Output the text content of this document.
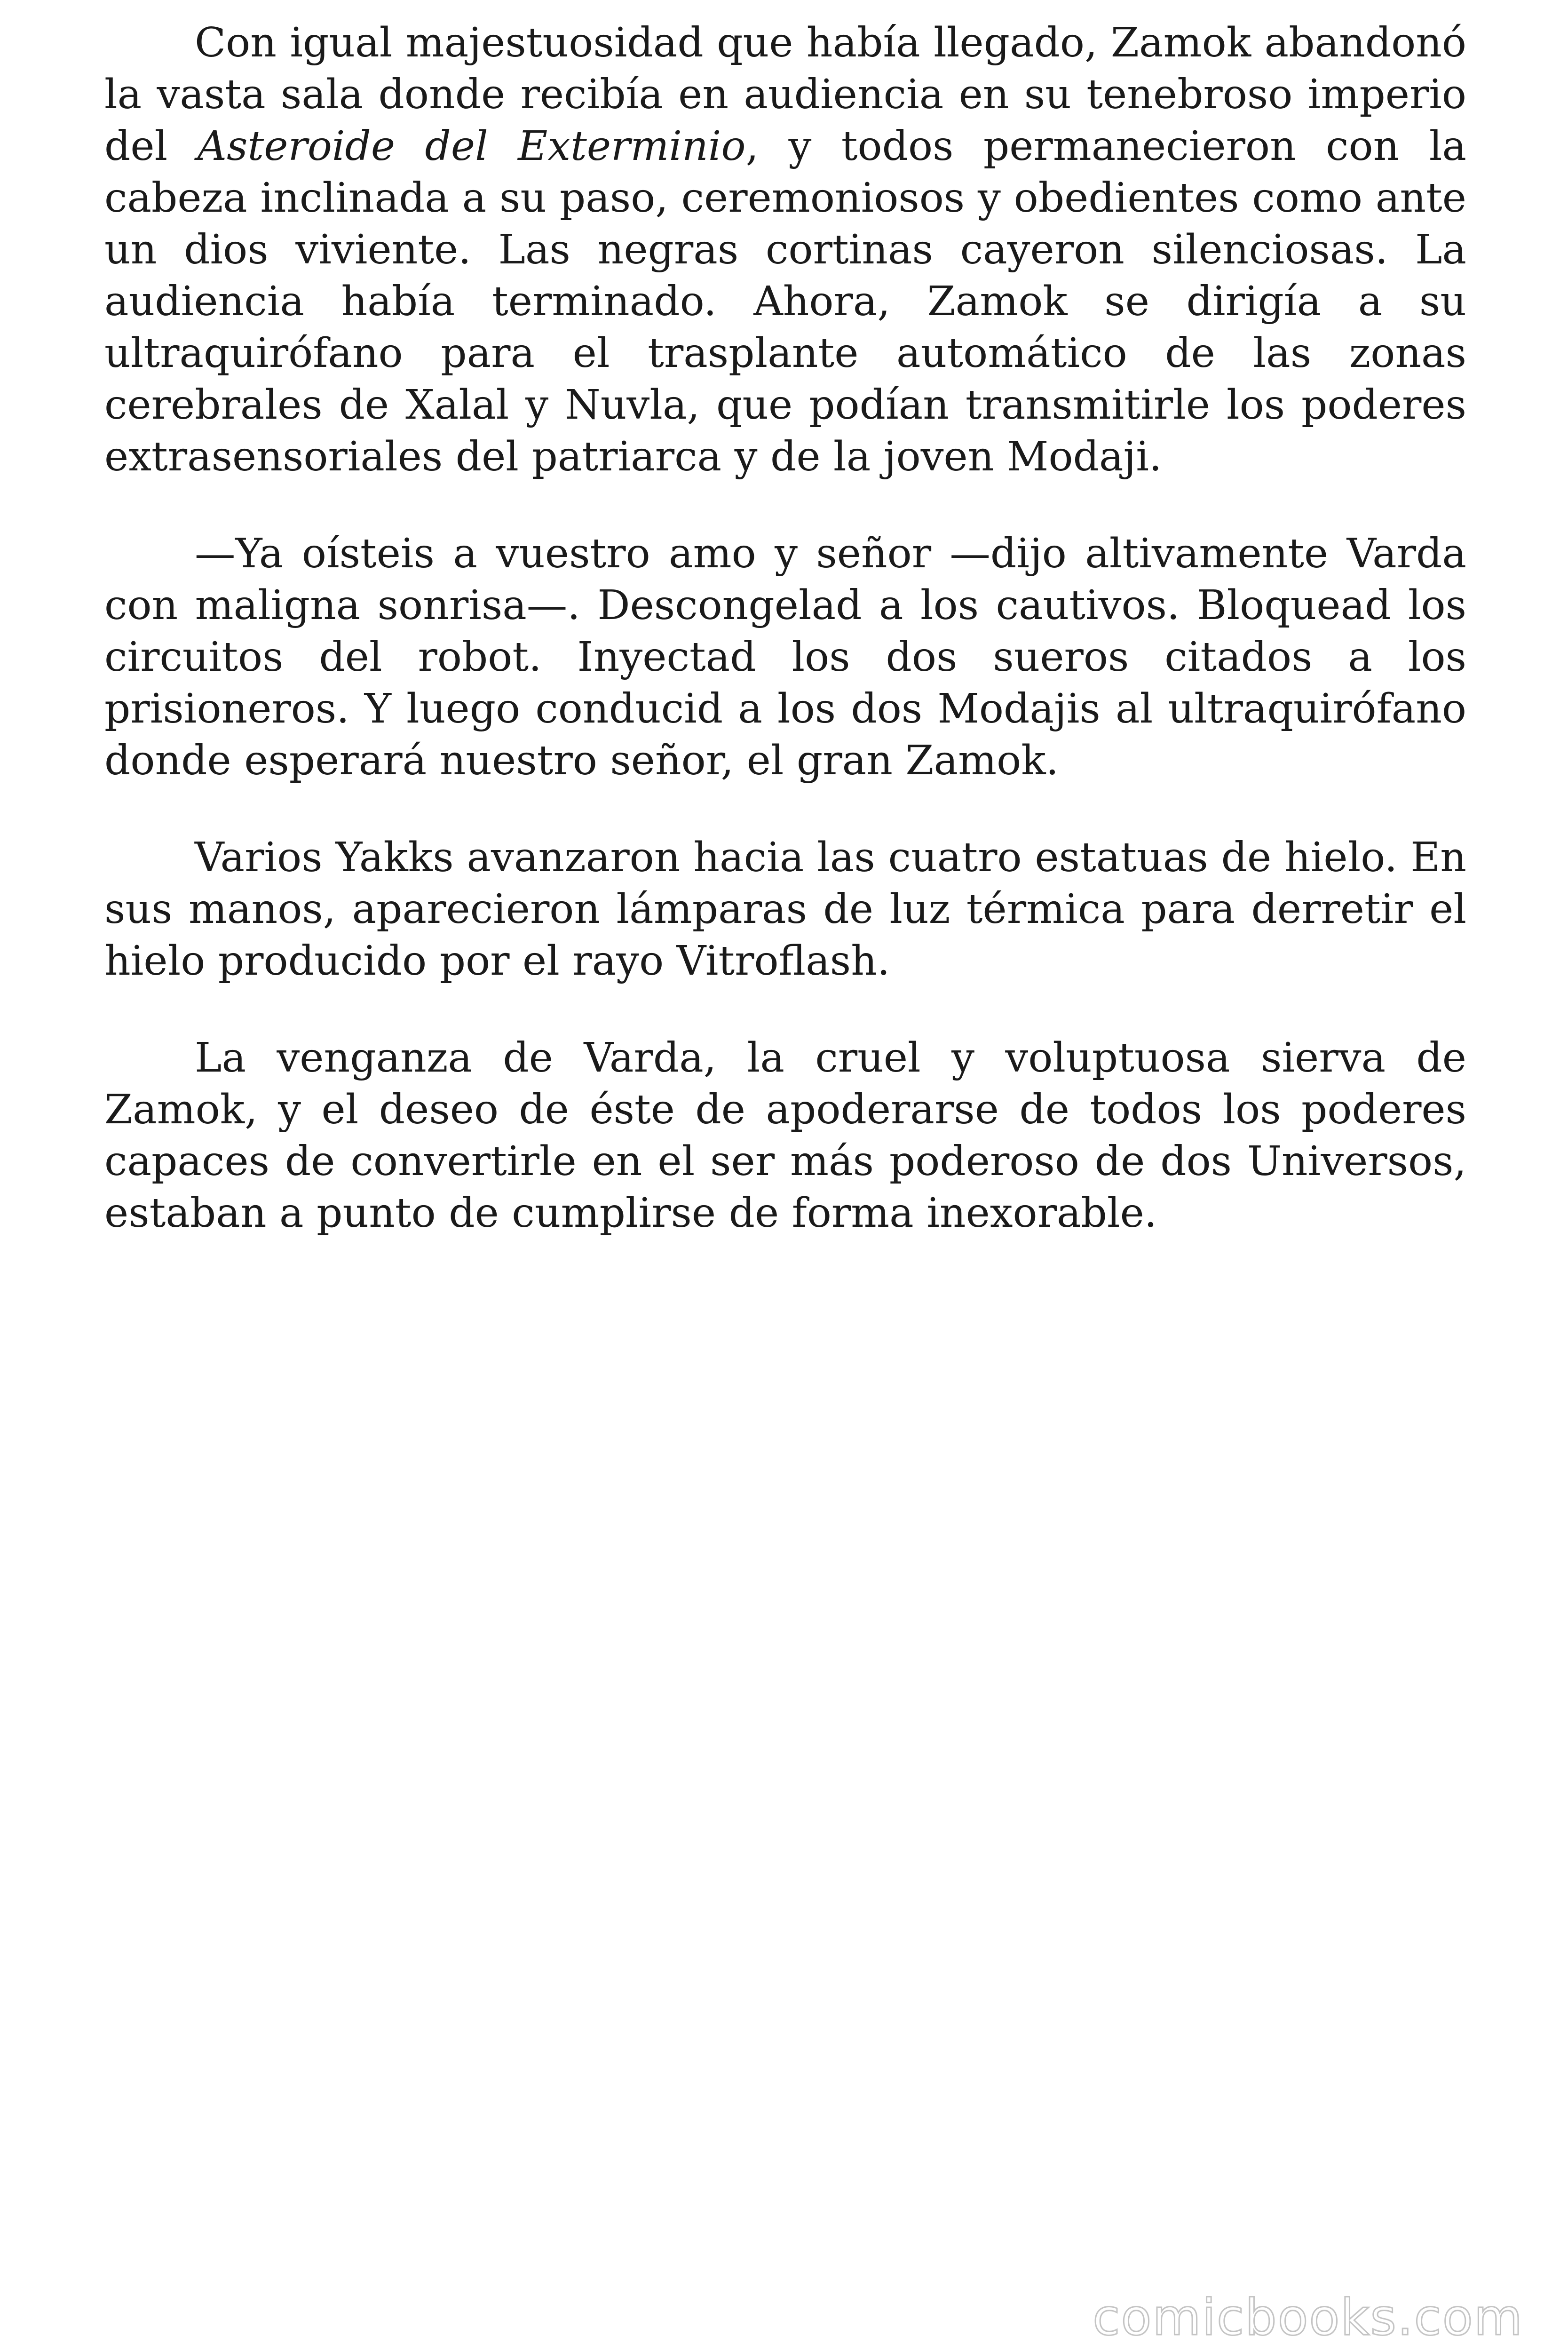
Con igual majestuosidad que había llegado, Zamok abandonó la vasta sala donde recibía en audiencia en su tenebroso imperio del Asteroide del Exterminio, y todos permanecieron con la cabeza inclinada a su paso, ceremoniosos y obedientes como ante un dios viviente. Las negras cortinas cayeron silenciosas. La audiencia había terminado. Ahora, Zamok se dirigía a su ultraquirófano para el trasplante automático de las zonas cerebrales de Xalal y Nuvla, que podían transmitirle los poderes extrasensoriales del patriarca y de la joven Modaji.

—Ya oísteis a vuestro amo y señor —dijo altivamente Varda con maligna sonrisa—. Descongelad a los cautivos. Bloquead los circuitos del robot. Inyectad los dos sueros citados a los prisioneros. Y luego conducid a los dos Modajis al ultraquirófano donde esperará nuestro señor, el gran Zamok.

Varios Yakks avanzaron hacia las cuatro estatuas de hielo. En sus manos, aparecieron lámparas de luz térmica para derretir el hielo producido por el rayo Vitroflash.

La venganza de Varda, la cruel y voluptuosa sierva de Zamok, y el deseo de éste de apoderarse de todos los poderes capaces de convertirle en el ser más poderoso de dos Universos, estaban a punto de cumplirse de forma inexorable.

comicbooks.com
